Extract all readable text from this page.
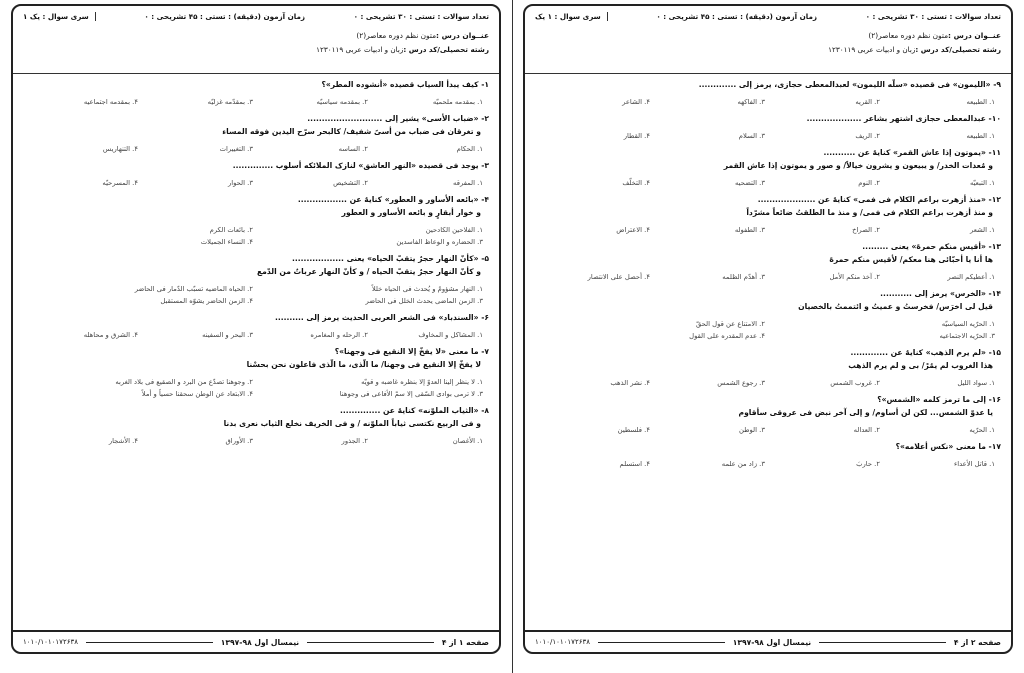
تعداد سوالات : تستی : ۳۰ تشریحی : ۰
زمان آزمون (دقیقه) : تستی : ۴۵ تشریحی : ۰
سری سوال : یک ۱
عنــوان درس :متون نظم دوره معاصر(۲)
رشته تحصیلی/کد درس :زبان و ادبیات عربی ۱۲۳۰۱۱۹
۱- کیف یبدأ السیاب قصیده «أنشوده المطر»؟
۱. بمقدمه ملحمیّه
۲. بمقدمه سیاسیّه
۳. بمقدّمه غزلیّه
۴. بمقدمه اجتماعیه
۲- «ضباب الأسی» یشیر إلی ..........................
و تغرقان فی ضباب من أسیً شفیف/ کالبحر سرّح الیدین فوقه المساء
۱. الحکام
۲. الساسه
۳. التغییرات
۴. التنهاریس
۳- یوجد فی قصیده «النهر العاشق» لنازک الملائکه أسلوب ..............
۱. المفرقه
۲. التشخیص
۳. الحوار
۴. المسرحیّه
۴- «بائعه الأساور و العطور» کنایهٌ عن .................
و خوار أبقارٍ و بائعه الأساور و العطور
۱. الفلاحین الکادحین
۲. بائعات الکرم
۳. الحضاره و الوعاظ الفاسدین
۴. النساء الجمیلات
۵- «کأنّ النهار حجرٌ یتقبّ الحیاه» یعنی ..................
و کأنّ النهار حجرٌ یتقبّ الحیاه / و کأنّ النهار عرباتٌ من الدّمع
۱. النهار مشؤومٌ و یُحدث فی الحیاه خللاً
۲. الحیاه الماضیه تسبّب الدّمار فی الحاضر
۳. الزمن الماضی یحدث الخلل فی الحاضر
۴. الزمن الحاضر یشوّه المستقبل
۶- «السندباد» فی الشعر العربی الحدیث یرمز إلی ..........
۱. المشاکل و المخاوف
۲. الرحله و المغامره
۳. البحر و السفینه
۴. الشرق و محاهله
۷- ما معنی «لا یفخّ إلا النقیع فی وجهنا»؟
لا یفخّ إلا النقیع فی وجهنا/ ما الّذی، ما الّذی فاعلون نحن بحسْنا
۱. لا ینظر إلینا العدوّ إلا بنظره غاضبه و قویّه
۲. وجوهنا تصدّع من البرد و الصقیع فی بلاد الغربه
۳. لا ترمی بوادی السّقی إلا سمّ الأفاعی فی وجوهنا
۴. الابتعاد عن الوطن سحقنا حسیاً و أملاً
۸- «الثیاب الملوّنه» کنایهٌ عن ..............
و فی الربیع نکتسی ثیاباً الملوّنه / و فی الخریف نخلع الثیاب نعری بدنا
۱. الأغصان
۲. الجذور
۳. الأوراق
۴. الأشجار
صفحه ۱ از ۴
نیمسال اول ۹۸-۱۳۹۷
۱۰۱۰/۱۰۱۰۱۷۲۶۳۸
تعداد سوالات : تستی : ۳۰ تشریحی : ۰
زمان آزمون (دقیقه) : تستی : ۴۵ تشریحی : ۰
سری سوال : ۱ یک
عنــوان درس :متون نظم دوره معاصر(۲)
رشته تحصیلی/کد درس :زبان و ادبیات عربی ۱۲۳۰۱۱۹
۹- «اللیمون» فی قصیده «سلّه اللیمون» لعبدالمعطی حجازی، یرمز إلی .............
۱. الطبیعه
۲. القریه
۳. الفاکهه
۴. الشاعر
۱۰- عبدالمعطی حجازی اشتهر بشاعر ...................
۱. الطبیعه
۲. الریف
۳. السلام
۴. القطار
۱۱- «یموتون إذا عاش القمر» کنایهٌ عن ...........
و مُعدات الخدر/ و یبیعون و یشرون خیالاً/ و صور و یموتون إذا عاش القمر
۱. التبعیّه
۲. النوم
۳. التضحیه
۴. التخلّف
۱۲- «منذ أزهرت براعم الکلام فی فمی» کنایهٌ عن ....................
و منذ أزهرت براعم الکلام فی فمی/ و منذ ما الطلقتُ ضائعاً مشرّداً
۱. الشعر
۲. الصراخ
۳. الطفوله
۴. الاعتراض
۱۳- «أقیس منکم حمرهً» یعنی .........
ها أنا یا أحبّائی هنا معکم/ لأقیس منکم حمرهً
۱. أعطیکم النصر
۲. آخذ منکم الأمل
۳. أهدّم الظلمه
۴. أحصل علی الانتصار
۱۴- «الخرس» یرمز إلی ...........
قیل لی اخرَس/ فخرستُ و عمیتُ و ائتممتُ بالخصیان
۱. الحرّیه السیاسیّه
۲. الامتناع عن قول الحقّ
۳. الحرّیه الاجتماعیه
۴. عدم المقدره علی القول
۱۵- «لم یرم الذهب» کنایهٌ عن .............
هذا الغروب لم یمُرْ/ بی و لم یرم الذهب
۱. سواد اللیل
۲. غروب الشمس
۳. رجوع الشمس
۴. نشر الذهب
۱۶- إلی ما ترمز کلمه «الشمس»؟
یا عدوّ الشمس... لکن لن أساوم/ و إلی آخر نبض فی عروقی سأقاوم
۱. الحرّیه
۲. العداله
۳. الوطن
۴. فلسطین
۱۷- ما معنی «نکس أعلامه»؟
۱. قاتل الأعداء
۲. حاربَ
۳. زاد من علمه
۴. استسلم
صفحه ۲ از ۴
نیمسال اول ۹۸-۱۳۹۷
۱۰۱۰/۱۰۱۰۱۷۲۶۳۸
